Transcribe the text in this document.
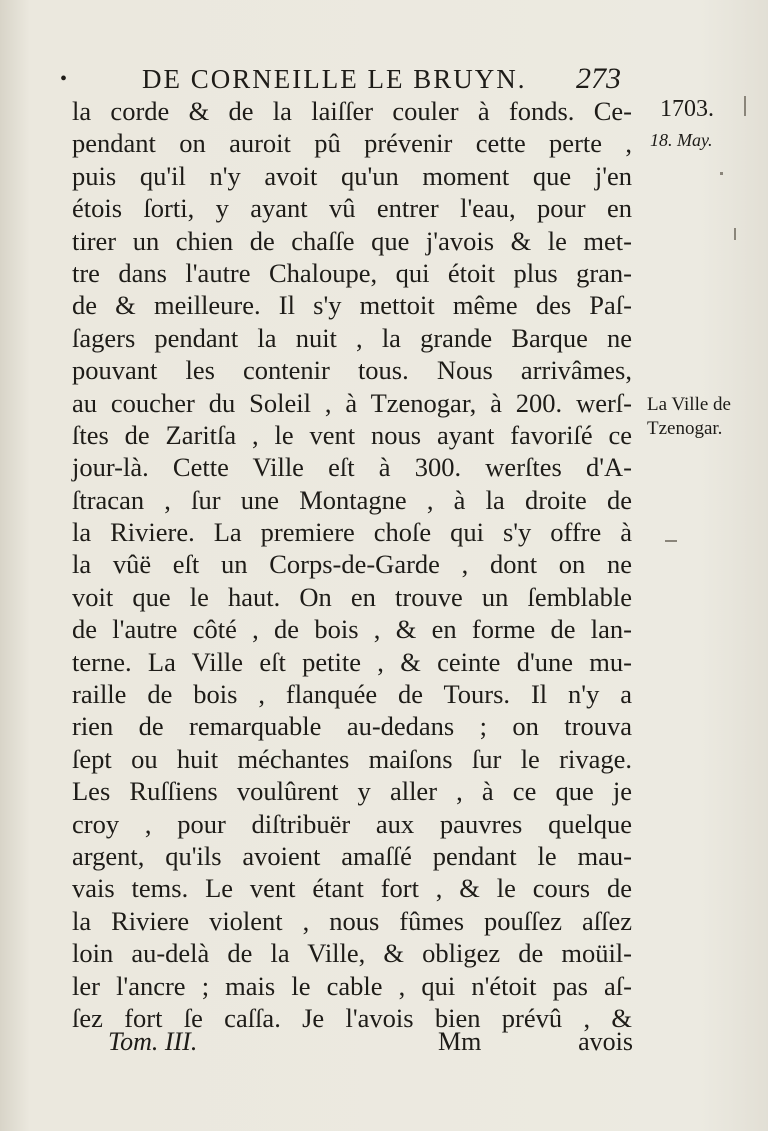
•	DE CORNEILLE LE BRUYN. 273
la corde & de la laiſſer couler à fonds. Ce-
pendant on auroit pû prévenir cette perte ,
puis qu'il n'y avoit qu'un moment que j'en
étois ſorti, y ayant vû entrer l'eau, pour en
tirer un chien de chaſſe que j'avois & le met-
tre dans l'autre Chaloupe, qui étoit plus gran-
de & meilleure. Il s'y mettoit même des Paſ-
ſagers pendant la nuit , la grande Barque ne
pouvant les contenir tous. Nous arrivâmes,
au coucher du Soleil , à Tzenogar, à 200. werſ-
ſtes de Zaritſa , le vent nous ayant favoriſé ce
jour-là. Cette Ville eſt à 300. werſtes d'A-
ſtracan , ſur une Montagne , à la droite de
la Riviere. La premiere choſe qui s'y offre à
la vûë eſt un Corps-de-Garde , dont on ne
voit que le haut. On en trouve un ſemblable
de l'autre côté , de bois , & en forme de lan-
terne. La Ville eſt petite , & ceinte d'une mu-
raille de bois , flanquée de Tours. Il n'y a
rien de remarquable au-dedans ; on trouva
ſept ou huit méchantes maiſons ſur le rivage.
Les Ruſſiens voulûrent y aller , à ce que je
croy , pour diſtribuër aux pauvres quelque
argent, qu'ils avoient amaſſé pendant le mau-
vais tems. Le vent étant fort , & le cours de
la Riviere violent , nous fûmes pouſſez aſſez
loin au-delà de la Ville, & obligez de moüil-
ler l'ancre ; mais le cable , qui n'étoit pas aſ-
ſez fort ſe caſſa. Je l'avois bien prévû , &
1703.
18. May.
La Ville de Tzenogar.
Tom. III.	Mm	avois
